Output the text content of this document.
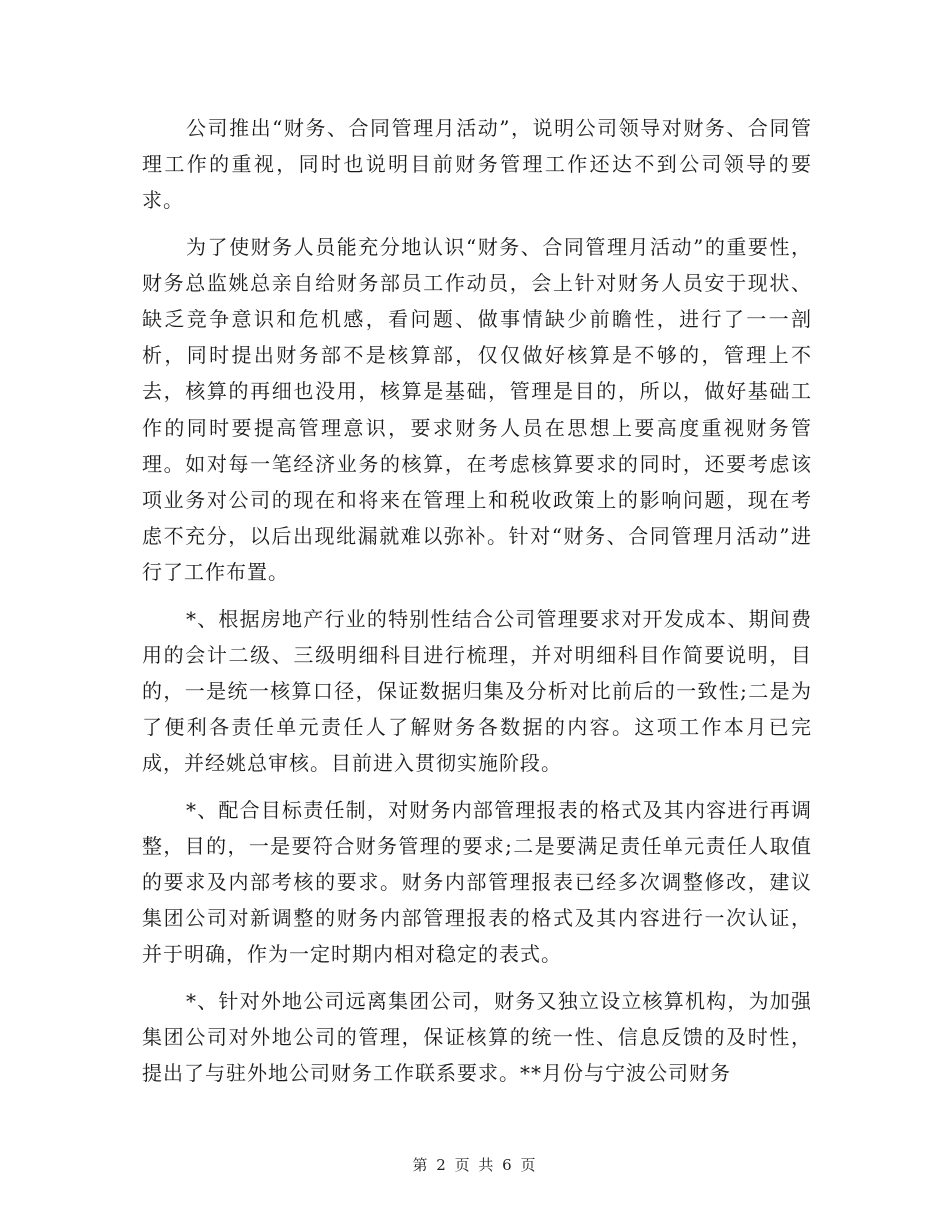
公司推出“财务、合同管理月活动”，说明公司领导对财务、合同管理工作的重视，同时也说明目前财务管理工作还达不到公司领导的要求。

为了使财务人员能充分地认识“财务、合同管理月活动”的重要性，财务总监姚总亲自给财务部员工作动员，会上针对财务人员安于现状、缺乏竞争意识和危机感，看问题、做事情缺少前瞻性，进行了一一剖析，同时提出财务部不是核算部，仅仅做好核算是不够的，管理上不去，核算的再细也没用，核算是基础，管理是目的，所以，做好基础工作的同时要提高管理意识，要求财务人员在思想上要高度重视财务管理。如对每一笔经济业务的核算，在考虑核算要求的同时，还要考虑该项业务对公司的现在和将来在管理上和税收政策上的影响问题，现在考虑不充分，以后出现纰漏就难以弥补。针对“财务、合同管理月活动”进行了工作布置。

*、根据房地产行业的特别性结合公司管理要求对开发成本、期间费用的会计二级、三级明细科目进行梳理，并对明细科目作简要说明，目的，一是统一核算口径，保证数据归集及分析对比前后的一致性;二是为了便利各责任单元责任人了解财务各数据的内容。这项工作本月已完成，并经姚总审核。目前进入贯彻实施阶段。

*、配合目标责任制，对财务内部管理报表的格式及其内容进行再调整，目的，一是要符合财务管理的要求;二是要满足责任单元责任人取值的要求及内部考核的要求。财务内部管理报表已经多次调整修改，建议集团公司对新调整的财务内部管理报表的格式及其内容进行一次认证，并于明确，作为一定时期内相对稳定的表式。

*、针对外地公司远离集团公司，财务又独立设立核算机构，为加强集团公司对外地公司的管理，保证核算的统一性、信息反馈的及时性，提出了与驻外地公司财务工作联系要求。**月份与宁波公司财务

第 2 页 共 6 页
